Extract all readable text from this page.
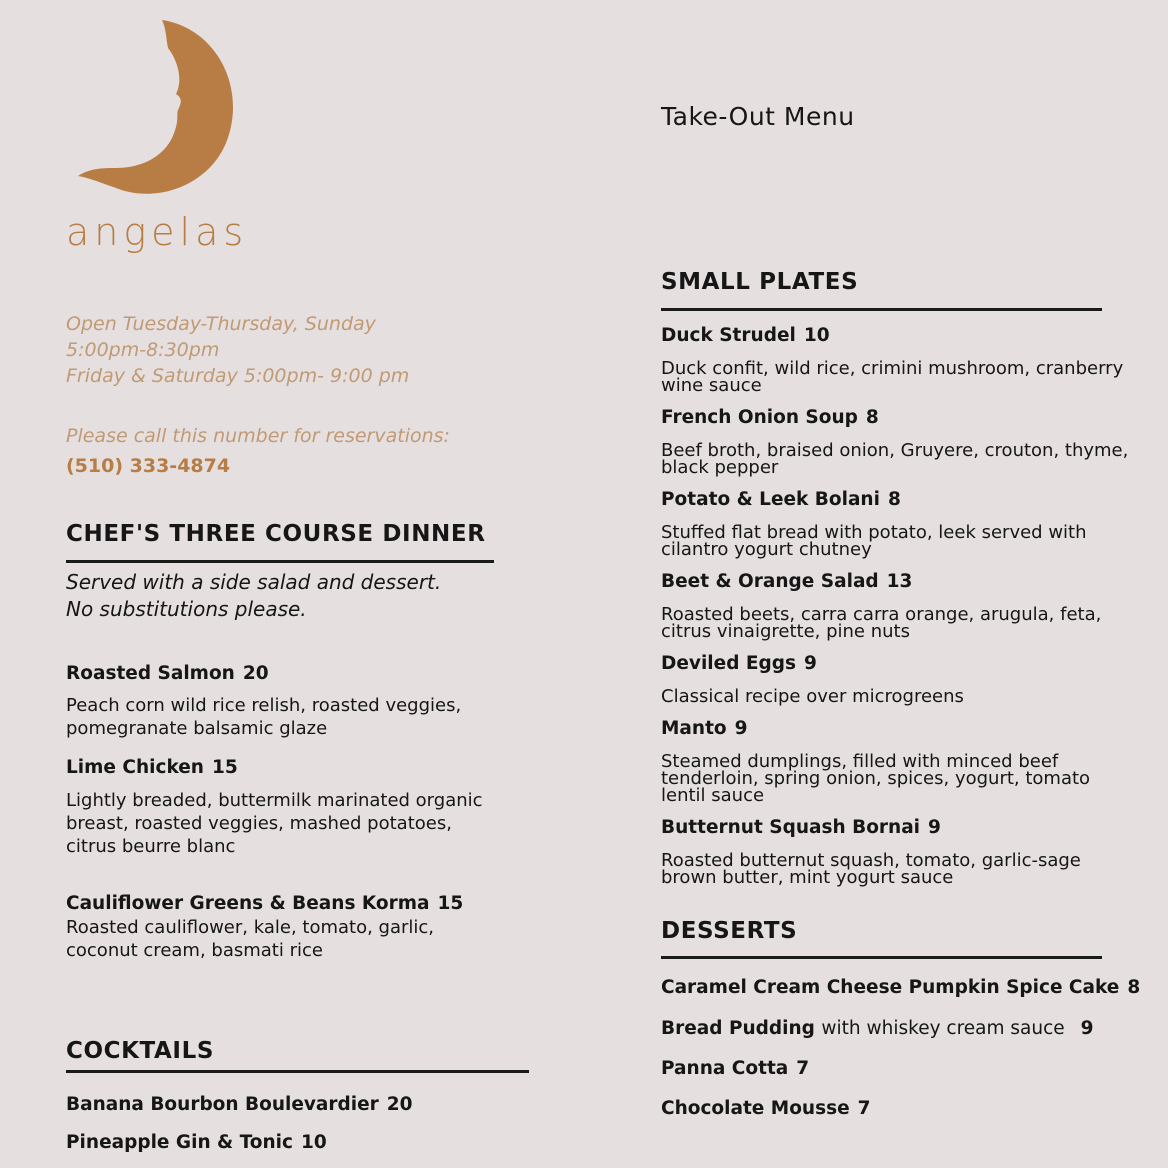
angelas
Open Tuesday-Thursday, Sunday
5:00pm-8:30pm
Friday & Saturday 5:00pm- 9:00 pm
Please call this number for reservations:
(510) 333-4874
Take-Out Menu
CHEF'S THREE COURSE DINNER
Served with a side salad and dessert.
No substitutions please.
Roasted Salmon 20
Peach corn wild rice relish, roasted veggies, pomegranate balsamic glaze
Lime Chicken 15
Lightly breaded, buttermilk marinated organic breast, roasted veggies, mashed potatoes, citrus beurre blanc
Cauliflower Greens & Beans Korma 15
Roasted cauliflower, kale, tomato, garlic, coconut cream, basmati rice
COCKTAILS
Banana Bourbon Boulevardier 20
Pineapple Gin & Tonic 10
SMALL PLATES
Duck Strudel 10
Duck confit, wild rice, crimini mushroom, cranberry wine sauce
French Onion Soup 8
Beef broth, braised onion, Gruyere, crouton, thyme, black pepper
Potato & Leek Bolani 8
Stuffed flat bread with potato, leek served with cilantro yogurt chutney
Beet & Orange Salad 13
Roasted beets, carra carra orange, arugula, feta, citrus vinaigrette, pine nuts
Deviled Eggs 9
Classical recipe over microgreens
Manto 9
Steamed dumplings, filled with minced beef tenderloin, spring onion, spices, yogurt, tomato lentil sauce
Butternut Squash Bornai 9
Roasted butternut squash, tomato, garlic-sage brown butter, mint yogurt sauce
DESSERTS
Caramel Cream Cheese Pumpkin Spice Cake 8
Bread Pudding with whiskey cream sauce 9
Panna Cotta 7
Chocolate Mousse 7
